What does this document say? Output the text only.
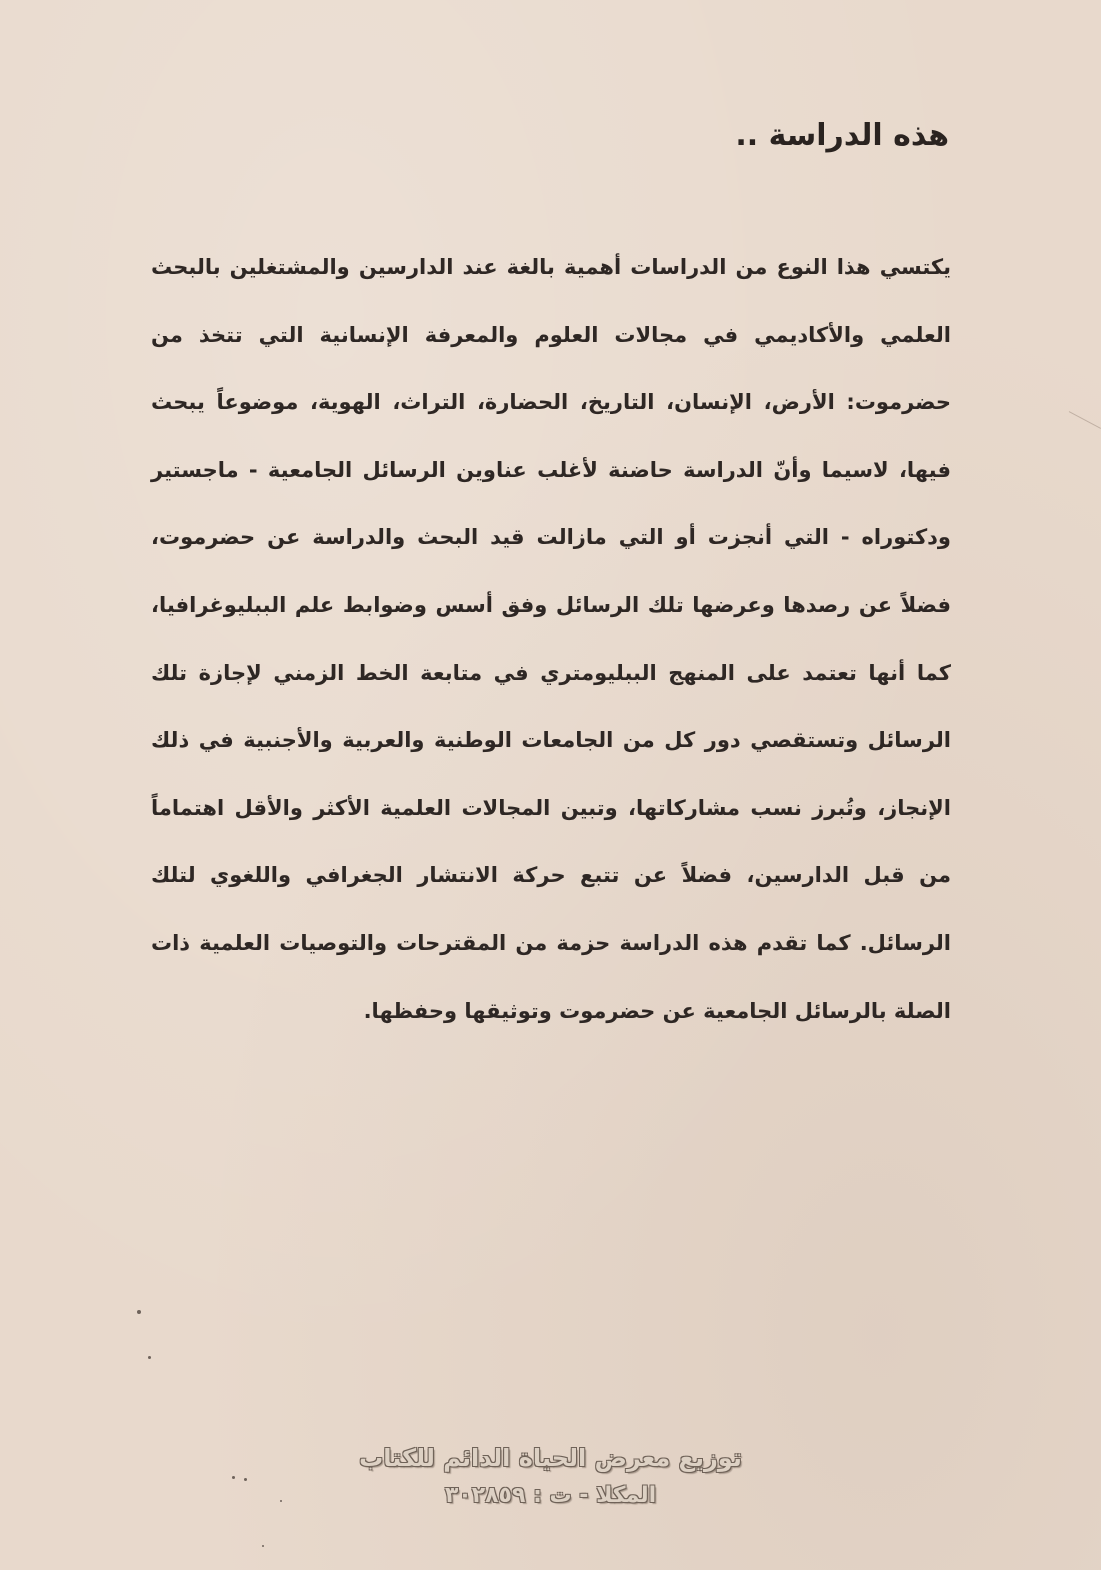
هذه الدراسة ..

يكتسي هذا النوع من الدراسات أهمية بالغة عند الدارسين والمشتغلين بالبحث العلمي والأكاديمي في مجالات العلوم والمعرفة الإنسانية التي تتخذ من حضرموت: الأرض، الإنسان، التاريخ، الحضارة، التراث، الهوية، موضوعاً يبحث فيها، لاسيما وأنّ الدراسة حاضنة لأغلب عناوين الرسائل الجامعية - ماجستير ودكتوراه - التي أنجزت أو التي مازالت قيد البحث والدراسة عن حضرموت، فضلاً عن رصدها وعرضها تلك الرسائل وفق أسس وضوابط علم الببليوغرافيا، كما أنها تعتمد على المنهج الببليومتري في متابعة الخط الزمني لإجازة تلك الرسائل وتستقصي دور كل من الجامعات الوطنية والعربية والأجنبية في ذلك الإنجاز، وتُبرز نسب مشاركاتها، وتبين المجالات العلمية الأكثر والأقل اهتماماً من قبل الدارسين، فضلاً عن تتبع حركة الانتشار الجغرافي واللغوي لتلك الرسائل. كما تقدم هذه الدراسة حزمة من المقترحات والتوصيات العلمية ذات الصلة بالرسائل الجامعية عن حضرموت وتوثيقها وحفظها.

توزيع معرض الحياة الدائم للكتاب

المكلا - ت : ٣٠٢٨٥٩
